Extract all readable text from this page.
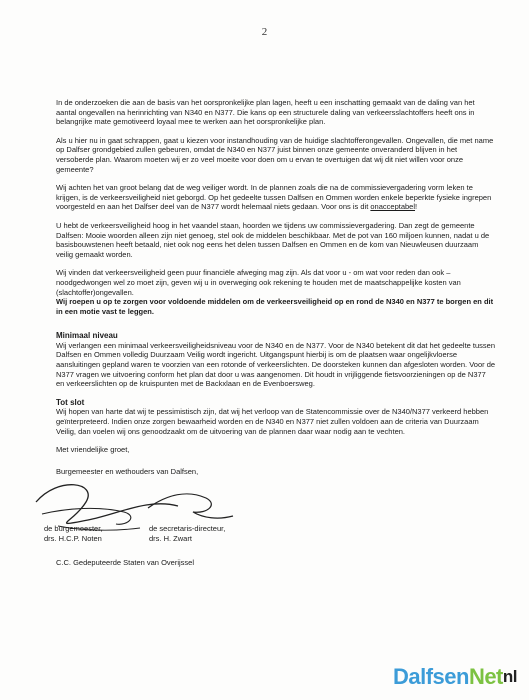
2

In de onderzoeken die aan de basis van het oorspronkelijke plan lagen, heeft u een inschatting gemaakt van de daling van het aantal ongevallen na herinrichting van N340 en N377. Die kans op een structurele daling van verkeersslachtoffers heeft ons in belangrijke mate gemotiveerd loyaal mee te werken aan het oorspronkelijke plan.

Als u hier nu in gaat schrappen, gaat u kiezen voor instandhouding van de huidige slachtofferongevallen. Ongevallen, die met name op Dalfser grondgebied zullen gebeuren, omdat de N340 en N377 juist binnen onze gemeente onveranderd blijven in het versoberde plan. Waarom moeten wij er zo veel moeite voor doen om u ervan te overtuigen dat wij dit niet willen voor onze gemeente?

Wij achten het van groot belang dat de weg veiliger wordt. In de plannen zoals die na de commissievergadering vorm leken te krijgen, is de verkeersveiligheid niet geborgd. Op het gedeelte tussen Dalfsen en Ommen worden enkele beperkte fysieke ingrepen voorgesteld en aan het Dalfser deel van de N377 wordt helemaal niets gedaan. Voor ons is dit onacceptabel!

U hebt de verkeersveiligheid hoog in het vaandel staan, hoorden we tijdens uw commissievergadering. Dan zegt de gemeente Dalfsen: Mooie woorden alleen zijn niet genoeg, stel ook de middelen beschikbaar. Met de pot van 160 miljoen kunnen, nadat u de basisbouwstenen heeft betaald, niet ook nog eens het delen tussen Dalfsen en Ommen en de kom van Nieuwleusen duurzaam veilig gemaakt worden.

Wij vinden dat verkeersveiligheid geen puur financiële afweging mag zijn. Als dat voor u - om wat voor reden dan ook – noodgedwongen wel zo moet zijn, geven wij u in overweging ook rekening te houden met de maatschappelijke kosten van (slachtoffer)ongevallen.
Wij roepen u op te zorgen voor voldoende middelen om de verkeersveiligheid op en rond de N340 en N377 te borgen en dit in een motie vast te leggen.

Minimaal niveau

Wij verlangen een minimaal verkeersveiligheidsniveau voor de N340 en de N377. Voor de N340 betekent dit dat het gedeelte tussen Dalfsen en Ommen volledig Duurzaam Veilig wordt ingericht. Uitgangspunt hierbij is om de plaatsen waar ongelijkvloerse aansluitingen gepland waren te voorzien van een rotonde of verkeerslichten. De doorsteken kunnen dan afgesloten worden. Voor de N377 vragen we uitvoering conform het plan dat door u was aangenomen. Dit houdt in vrijliggende fietsvoorzieningen op de N377 en verkeerslichten op de kruispunten met de Backxlaan en de Evenboersweg.

Tot slot

Wij hopen van harte dat wij te pessimistisch zijn, dat wij het verloop van de Statencommissie over de N340/N377 verkeerd hebben geïnterpreteerd. Indien onze zorgen bewaarheid worden en de N340 en N377 niet zullen voldoen aan de criteria van Duurzaam Veilig, dan voelen wij ons genoodzaakt om de uitvoering van de plannen daar waar nodig aan te vechten.

Met vriendelijke groet,

Burgemeester en wethouders van Dalfsen,

de burgemeester,

drs. H.C.P. Noten

de secretaris-directeur,

drs. H. Zwart

C.C. Gedeputeerde Staten van Overijssel

DalfsenNetnl
